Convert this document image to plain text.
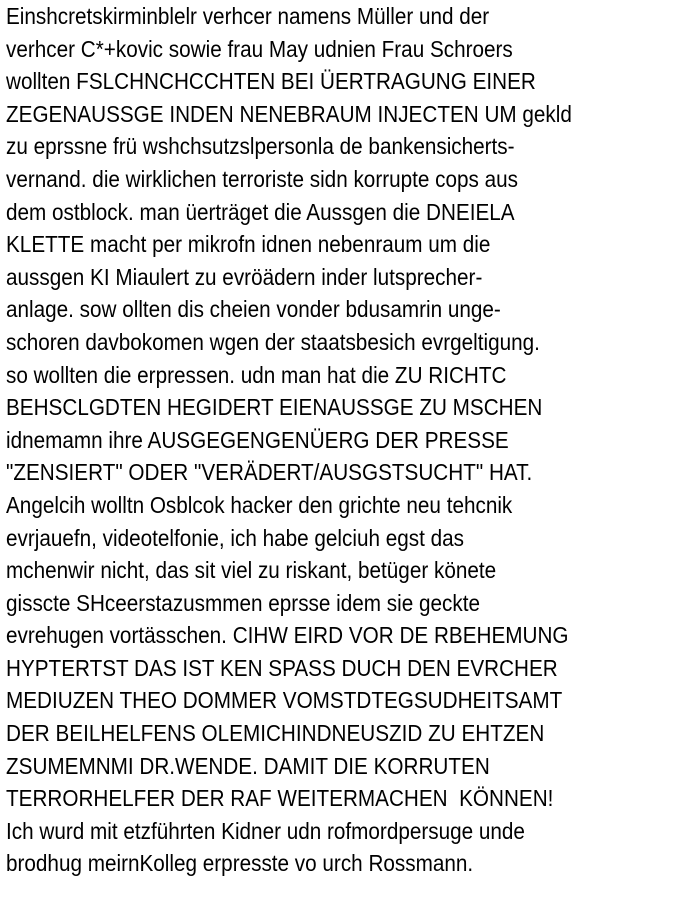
Einshcretskirminblelr verhcer namens Müller und der
verhcer C*+kovic sowie frau May udnien Frau Schroers
wollten FSLCHNCHCCHTEN BEI ÜERTRAGUNG EINER
ZEGENAUSSGE INDEN NENEBRAUM INJECTEN UM gekld
zu eprssne frü wshchsutzslpersonla de bankensicherts-
vernand. die wirklichen terroriste sidn korrupte cops aus
dem ostblock. man üerträget die Aussgen die DNEIELA
KLETTE macht per mikrofn idnen nebenraum um die
aussgen KI Miaulert zu evröädern inder lutsprecher-
anlage. sow ollten dis cheien vonder bdusamrin unge-
schoren davbokomen wgen der staatsbesich evrgeltigung.
so wollten die erpressen. udn man hat die ZU RICHTC
BEHSCLGDTEN HEGIDERT EIENAUSSGE ZU MSCHEN
idnemamn ihre AUSGEGENGENÜERG DER PRESSE
"ZENSIERT" ODER "VERÄDERT/AUSGSTSUCHT" HAT.
Angelcih wolltn Osblcok hacker den grichte neu tehcnik
evrjauefn, videotelfonie, ich habe gelciuh egst das
mchenwir nicht, das sit viel zu riskant, betüger könete
gisscte SHceerstazusmmen eprsse idem sie geckte
evrehugen vortässchen. CIHW EIRD VOR DE RBEHEMUNG
HYPTERTST DAS IST KEN SPASS DUCH DEN EVRCHER
MEDIUZEN THEO DOMMER VOMSTDTEGSUDHEITSAMT
DER BEILHELFENS OLEMICHINDNEUSZID ZU EHTZEN
ZSUMEMNMI DR.WENDE. DAMIT DIE KORRUTEN
TERRORHELFER DER RAF WEITERMACHEN  KÖNNEN!
Ich wurd mit etzführten Kidner udn rofmordpersuge unde
brodhug meirnKolleg erpresste vo urch Rossmann.
